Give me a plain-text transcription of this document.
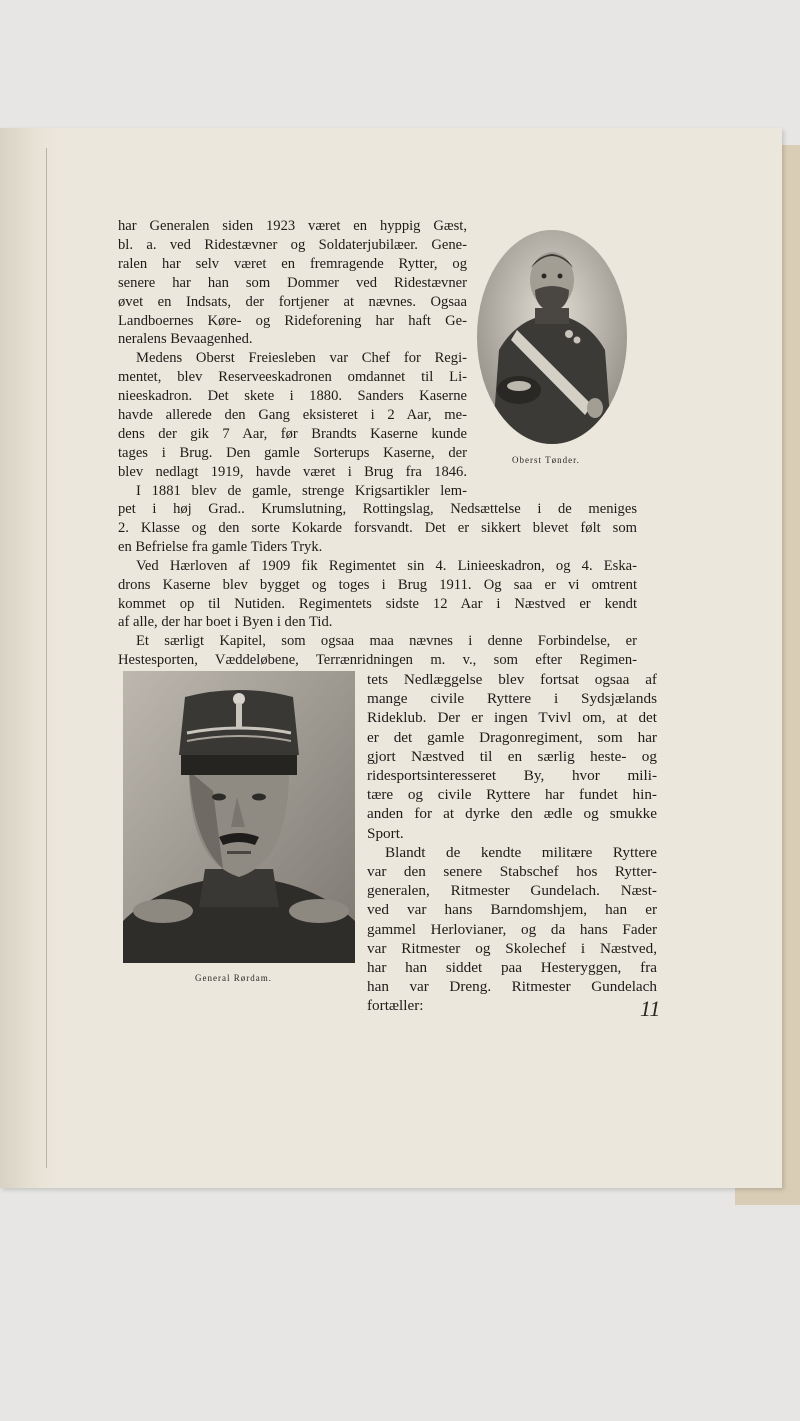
Oberst Tønder.
General Rørdam.
har Generalen siden 1923 været en hyppig Gæst,
bl. a. ved Ridestævner og Soldaterjubilæer. Gene-
ralen har selv været en fremragende Rytter, og
senere har han som Dommer ved Ridestævner
øvet en Indsats, der fortjener at nævnes. Ogsaa
Landboernes Køre- og Rideforening har haft Ge-
neralens Bevaagenhed.
Medens Oberst Freiesleben var Chef for Regi-
mentet, blev Reserveeskadronen omdannet til Li-
nieeskadron. Det skete i 1880. Sanders Kaserne
havde allerede den Gang eksisteret i 2 Aar, me-
dens der gik 7 Aar, før Brandts Kaserne kunde
tages i Brug. Den gamle Sorterups Kaserne, der
blev nedlagt 1919, havde været i Brug fra 1846.
I 1881 blev de gamle, strenge Krigsartikler lem-
pet i høj Grad.. Krumslutning, Rottingslag, Nedsættelse i de meniges
2. Klasse og den sorte Kokarde forsvandt. Det er sikkert blevet følt som
en Befrielse fra gamle Tiders Tryk.
Ved Hærloven af 1909 fik Regimentet sin 4. Linieeskadron, og 4. Eska-
drons Kaserne blev bygget og toges i Brug 1911. Og saa er vi omtrent
kommet op til Nutiden. Regimentets sidste 12 Aar i Næstved er kendt
af alle, der har boet i Byen i den Tid.
Et særligt Kapitel, som ogsaa maa nævnes i denne Forbindelse, er
Hestesporten, Væddeløbene, Terrænridningen m. v., som efter Regimen-
tets Nedlæggelse blev fortsat ogsaa af
mange civile Ryttere i Sydsjælands
Rideklub. Der er ingen Tvivl om, at det
er det gamle Dragonregiment, som har
gjort Næstved til en særlig heste- og
ridesportsinteresseret By, hvor mili-
tære og civile Ryttere har fundet hin-
anden for at dyrke den ædle og smukke
Sport.
Blandt de kendte militære Ryttere
var den senere Stabschef hos Rytter-
generalen, Ritmester Gundelach. Næst-
ved var hans Barndomshjem, han er
gammel Herlovianer, og da hans Fader
var Ritmester og Skolechef i Næstved,
har han siddet paa Hesteryggen, fra
han var Dreng. Ritmester Gundelach
fortæller:	11
